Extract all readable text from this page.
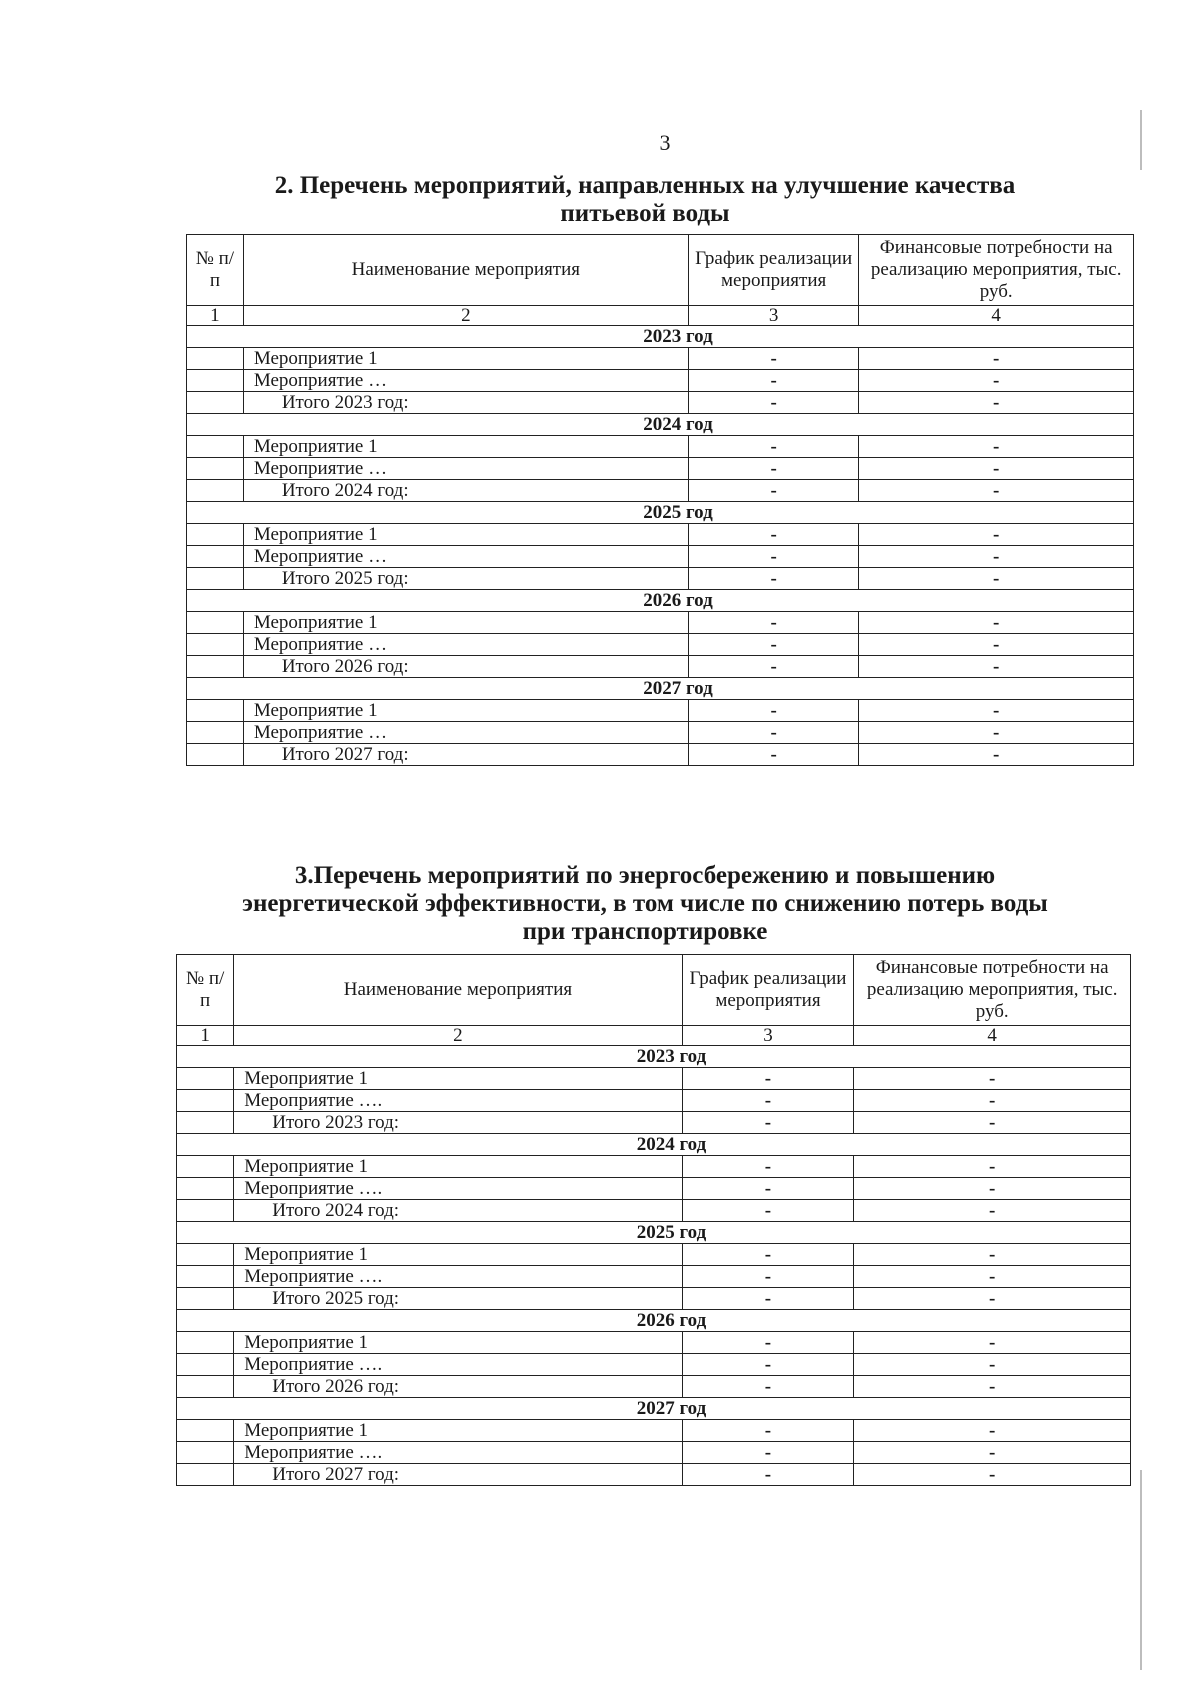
3
2. Перечень мероприятий, направленных на улучшение качества
питьевой воды
№ п/п	Наименование мероприятия	График реализации мероприятия	Финансовые потребности на реализацию мероприятия, тыс. руб.
1	2	3	4
2023 год			
	Мероприятие 1	-	-
	Мероприятие …	-	-
	Итого 2023 год:	-	-
2024 год			
	Мероприятие 1	-	-
	Мероприятие …	-	-
	Итого 2024 год:	-	-
2025 год			
	Мероприятие 1	-	-
	Мероприятие …	-	-
	Итого 2025 год:	-	-
2026 год			
	Мероприятие 1	-	-
	Мероприятие …	-	-
	Итого 2026 год:	-	-
2027 год			
	Мероприятие 1	-	-
	Мероприятие …	-	-
	Итого 2027 год:	-	-
3.Перечень мероприятий по энергосбережению и повышению
энергетической эффективности, в том числе по снижению потерь воды
при транспортировке
№ п/п	Наименование мероприятия	График реализации мероприятия	Финансовые потребности на реализацию мероприятия, тыс. руб.
1	2	3	4
2023 год			
	Мероприятие 1	-	-
	Мероприятие ….	-	-
	Итого 2023 год:	-	-
2024 год			
	Мероприятие 1	-	-
	Мероприятие ….	-	-
	Итого 2024 год:	-	-
2025 год			
	Мероприятие 1	-	-
	Мероприятие ….	-	-
	Итого 2025 год:	-	-
2026 год			
	Мероприятие 1	-	-
	Мероприятие ….	-	-
	Итого 2026 год:	-	-
2027 год			
	Мероприятие 1	-	-
	Мероприятие ….	-	-
	Итого 2027 год:	-	-
